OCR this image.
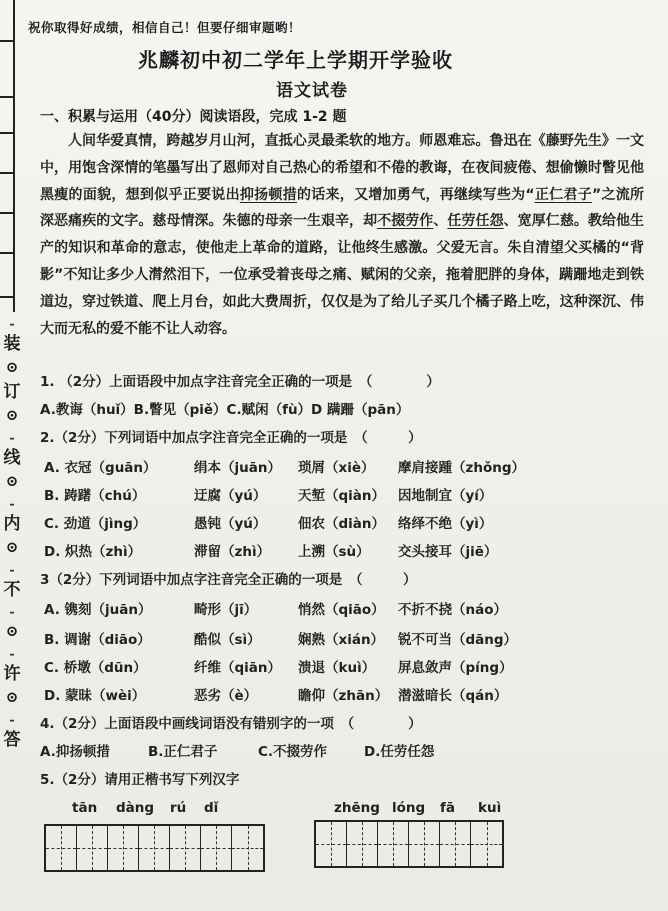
-
装
⊙
订
⊙
-
线
⊙
-
内
⊙
-
不
-
⊙
-
许
⊙
-
答
祝你取得好成绩，相信自己！但要仔细审题哟！
兆麟初中初二学年上学期开学验收
语文试卷
一、积累与运用（40分）阅读语段，完成 1-2 题

人间华爱真情，跨越岁月山河，直抵心灵最柔软的地方。师恩难忘。鲁迅在《藤野先生》一文中，用饱含深情的笔墨写出了恩师对自己热心的希望和不倦的教诲，在夜间疲倦、想偷懒时瞥见他黑瘦的面貌，想到似乎正要说出抑扬顿措的话来，又增加勇气，再继续写些为“正仁君子”之流所深恶痛疾的文字。慈母情深。朱德的母亲一生艰辛，却不掇劳作、任劳任怨、宽厚仁慈。教给他生产的知识和革命的意志，使他走上革命的道路，让他终生感激。父爱无言。朱自清望父买橘的“背影”不知让多少人潸然泪下，一位承受着丧母之痛、赋闲的父亲，拖着肥胖的身体，蹒跚地走到铁道边，穿过铁道、爬上月台，如此大费周折，仅仅是为了给儿子买几个橘子路上吃，这种深沉、伟大而无私的爱不能不让人动容。

1. （2分）上面语段中加点字注音完全正确的一项是　（　　　　）
A.教诲（huǐ）B.瞥见（piě）C.赋闲（fù）D 蹒跚（pān）
2.（2分）下列词语中加点字注音完全正确的一项是　（　　　）
A. 衣冠（guān）	绢本（juān） 琐屑（xiè） 摩肩接踵（zhǒng）
B. 踌躇（chú）	迂腐（yú） 天堑（qiàn） 因地制宜（yí）
C. 劲道（jìng）	愚钝（yú） 佃农（diàn） 络绎不绝（yì）
D. 炽热（zhì）	滞留（zhì） 上溯（sù） 交头接耳（jiē）
3（2分）下列词语中加点字注音完全正确的一项是　（　　　）
A. 镌刻（juān）	畸形（jī）	悄然（qiāo） 不折不挠（náo）
B. 调谢（diāo）	酷似（sì）	娴熟（xián） 锐不可当（dāng）
C. 桥墩（dūn）	纤维（qiān） 溃退（kuì） 屏息敛声（píng）
D. 蒙昧（wèi）	恶劣（è）	瞻仰（zhān） 潜滋暗长（qán）
4.（2分）上面语段中画线词语没有错别字的一项　（　　　　）
A.抑扬顿措	B.正仁君子	C.不掇劳作	D.任劳任怨
5.（2分）请用正楷书写下列汉字
tān dàng rú dǐ	zhēng lóng fā kuì
